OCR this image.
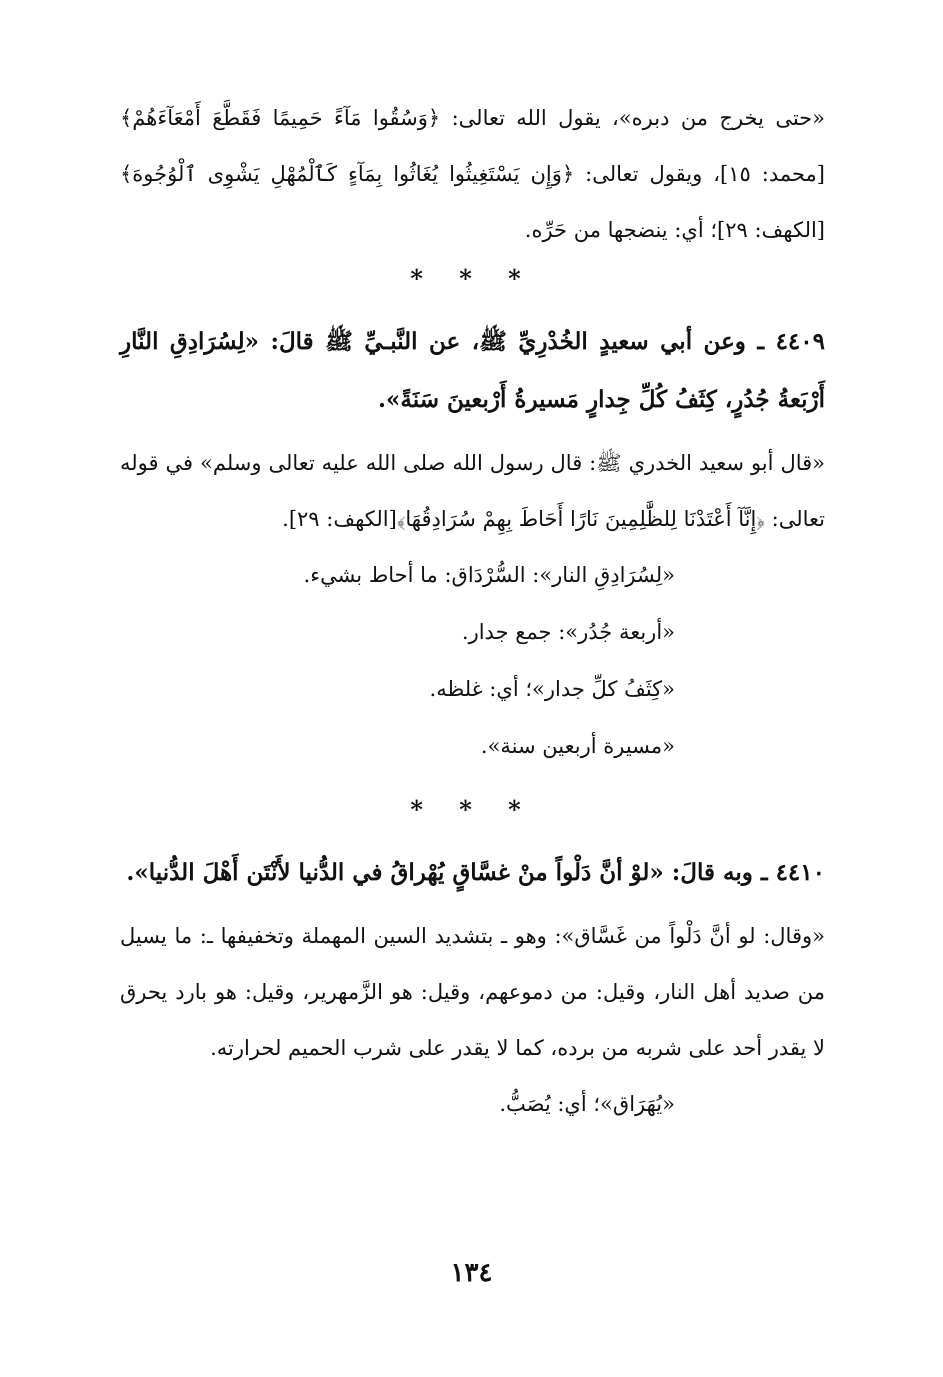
«حتى يخرج من دبره»، يقول الله تعالى: ﴿وَسُقُوا مَآءً حَمِيمًا فَقَطَّعَ أَمْعَآءَهُمْ﴾[محمد: ١٥]، ويقول تعالى: ﴿وَإِن يَسْتَغِيثُوا يُغَاثُوا بِمَآءٍ كَٱلْمُهْلِ يَشْوِى ٱلْوُجُوهَ﴾[الكهف: ٢٩]؛ أي: ينضجها من حَرِّه.

* * *

٤٤٠٩ ـ وعن أبي سعيدٍ الخُدْرِيِّ ﷺ، عن النَّبـيِّ ﷺ قالَ: «لِسُرَادِقِ النَّارِ أَرْبَعةُ جُدُرٍ، كِثَفُ كُلِّ جِدارٍ مَسيرةُ أَرْبعينَ سَنَةً».

«قال أبو سعيد الخدري ﷺ: قال رسول الله صلى الله عليه تعالى وسلم» في قوله تعالى: ﴿إِنَّآ أَعْتَدْنَا لِلظَّٰلِمِينَ نَارًا أَحَاطَ بِهِمْ سُرَادِقُهَا﴾[الكهف: ٢٩].

«لِسُرَادِقِ النار»: السُّرْدَاق: ما أحاط بشيء.

«أربعة جُدُر»: جمع جدار.

«كِثَفُ كلِّ جدار»؛ أي: غلظه.

«مسيرة أربعين سنة».

* * *

٤٤١٠ ـ وبه قالَ: «لوْ أنَّ دَلْواً منْ غسَّاقٍ يُهْراقُ في الدُّنيا لأَنْتَن أَهْلَ الدُّنيا».

«وقال: لو أنَّ دَلْواً من غَسَّاق»: وهو ـ بتشديد السين المهملة وتخفيفها ـ: ما يسيل من صديد أهل النار، وقيل: من دموعهم، وقيل: هو الزَّمهرير، وقيل: هو بارد يحرق لا يقدر أحد على شربه من برده، كما لا يقدر على شرب الحميم لحرارته.

«يُهَرَاق»؛ أي: يُصَبُّ.

١٣٤
